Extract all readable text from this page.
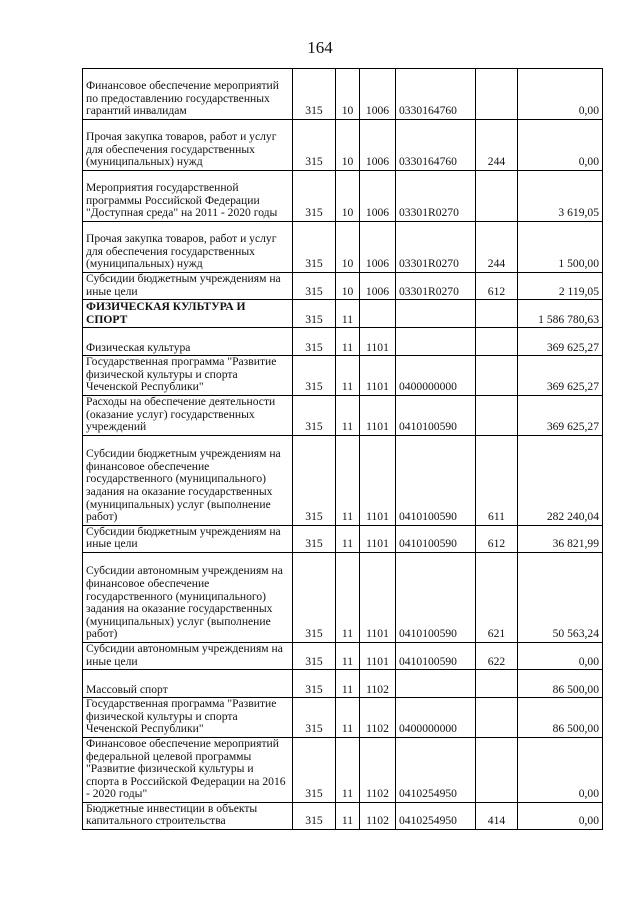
164
Финансовое обеспечение мероприятий по предоставлению государственных гарантий инвалидам	315	10	1006	0330164760		0,00
Прочая закупка товаров, работ и услуг для обеспечения государственных (муниципальных) нужд	315	10	1006	0330164760	244	0,00
Мероприятия государственной программы Российской Федерации "Доступная среда" на 2011 - 2020 годы	315	10	1006	03301R0270		3 619,05
Прочая закупка товаров, работ и услуг для обеспечения государственных (муниципальных) нужд	315	10	1006	03301R0270	244	1 500,00
Субсидии бюджетным учреждениям на иные цели	315	10	1006	03301R0270	612	2 119,05
ФИЗИЧЕСКАЯ КУЛЬТУРА И СПОРТ	315	11				1 586 780,63
Физическая культура	315	11	1101			369 625,27
Государственная программа "Развитие физической культуры и спорта Чеченской Республики"	315	11	1101	0400000000		369 625,27
Расходы на обеспечение деятельности (оказание услуг) государственных учреждений	315	11	1101	0410100590		369 625,27
Субсидии бюджетным учреждениям на финансовое обеспечение государственного (муниципального) задания на оказание государственных (муниципальных) услуг (выполнение работ)	315	11	1101	0410100590	611	282 240,04
Субсидии бюджетным учреждениям на иные цели	315	11	1101	0410100590	612	36 821,99
Субсидии автономным учреждениям на финансовое обеспечение государственного (муниципального) задания на оказание государственных (муниципальных) услуг (выполнение работ)	315	11	1101	0410100590	621	50 563,24
Субсидии автономным учреждениям на иные цели	315	11	1101	0410100590	622	0,00
Массовый спорт	315	11	1102			86 500,00
Государственная программа "Развитие физической культуры и спорта Чеченской Республики"	315	11	1102	0400000000		86 500,00
Финансовое обеспечение мероприятий федеральной целевой программы "Развитие физической культуры и спорта в Российской Федерации на 2016 - 2020 годы"	315	11	1102	0410254950		0,00
Бюджетные инвестиции в объекты капитального строительства	315	11	1102	0410254950	414	0,00
